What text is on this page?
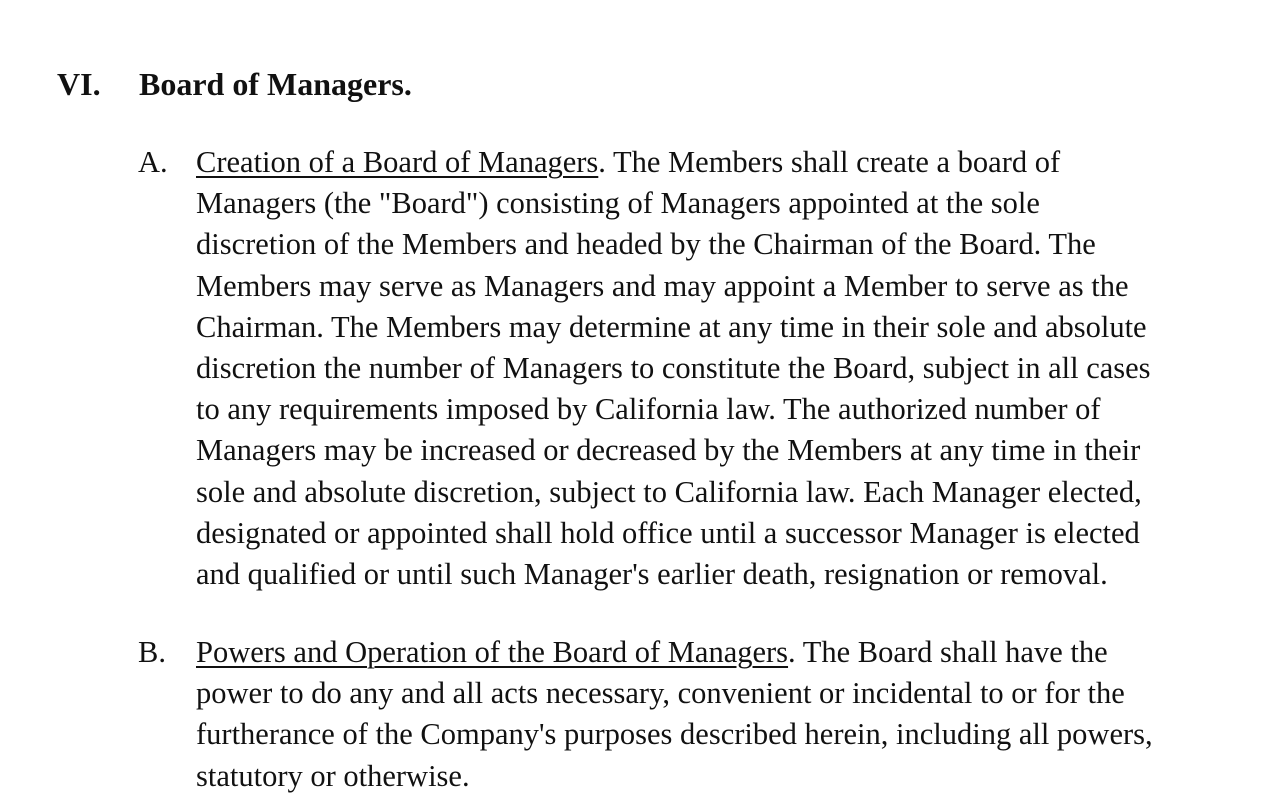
VI. Board of Managers.
A. Creation of a Board of Managers. The Members shall create a board of
Managers (the "Board") consisting of Managers appointed at the sole
discretion of the Members and headed by the Chairman of the Board. The
Members may serve as Managers and may appoint a Member to serve as the
Chairman. The Members may determine at any time in their sole and absolute
discretion the number of Managers to constitute the Board, subject in all cases
to any requirements imposed by California law. The authorized number of
Managers may be increased or decreased by the Members at any time in their
sole and absolute discretion, subject to California law. Each Manager elected,
designated or appointed shall hold office until a successor Manager is elected
and qualified or until such Manager's earlier death, resignation or removal.
B. Powers and Operation of the Board of Managers. The Board shall have the
power to do any and all acts necessary, convenient or incidental to or for the
furtherance of the Company's purposes described herein, including all powers,
statutory or otherwise.
